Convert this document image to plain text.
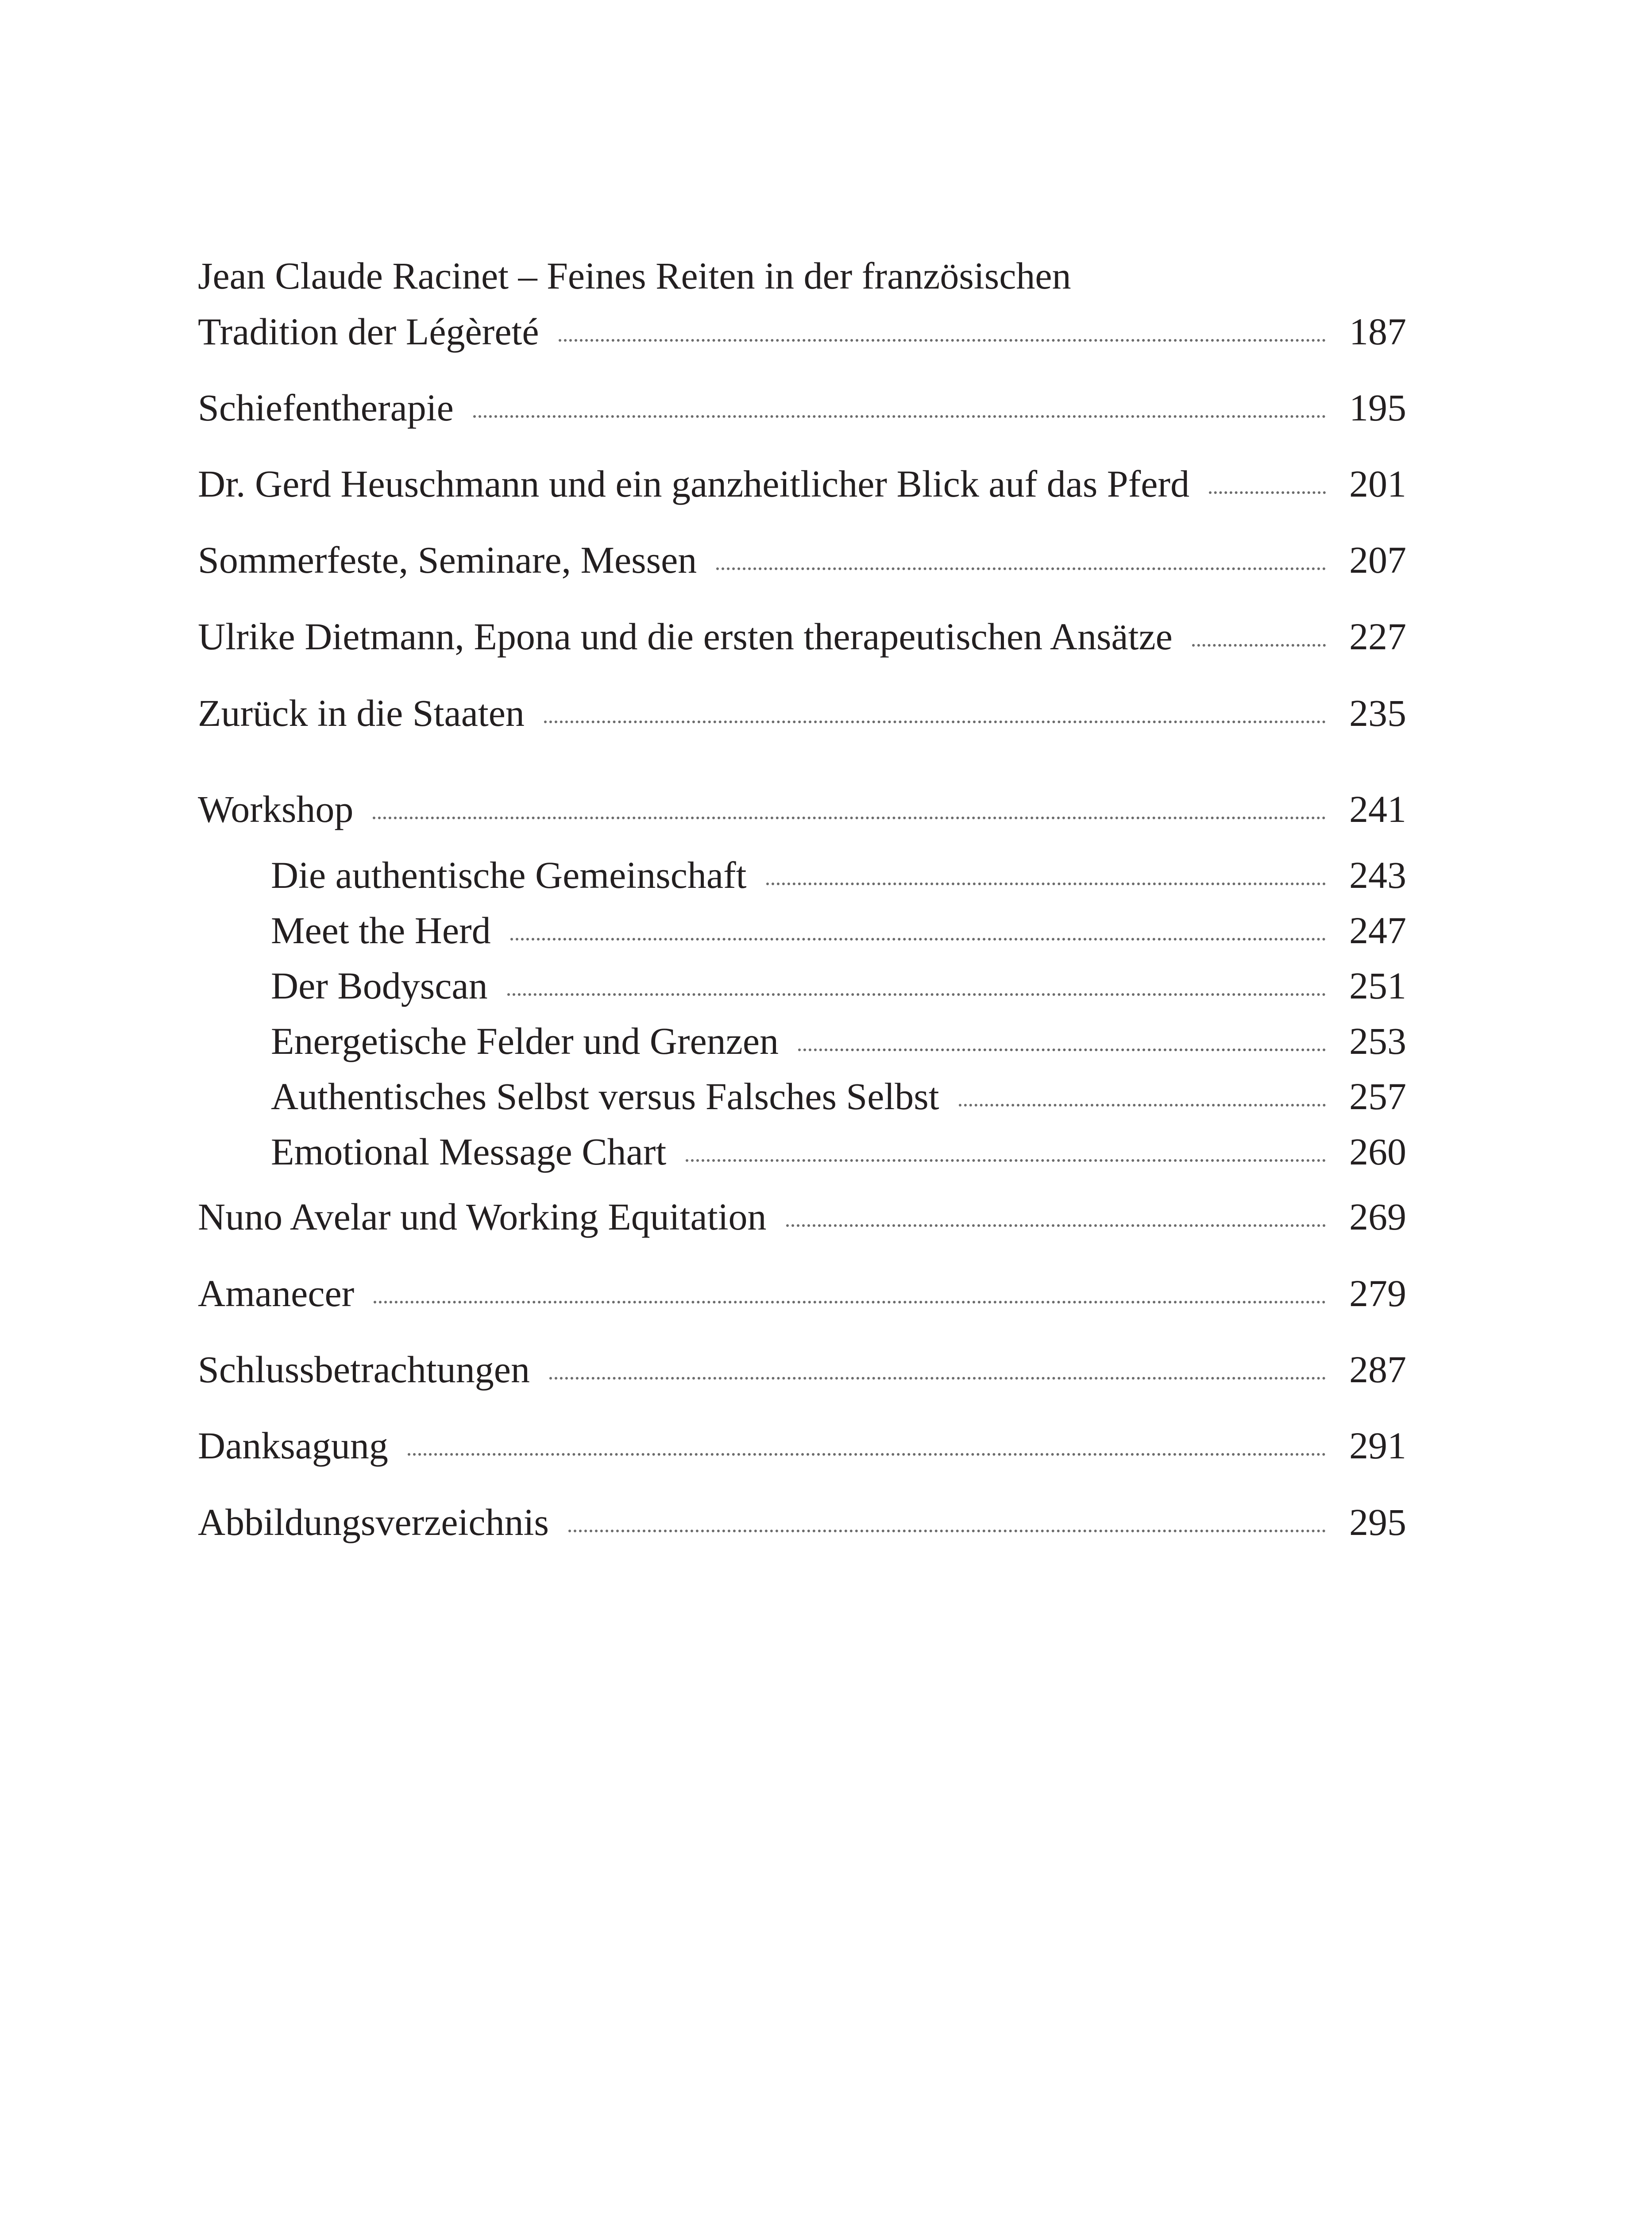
Jean Claude Racinet – Feines Reiten in der französischen
Tradition der Légèreté	187
Schiefentherapie	195
Dr. Gerd Heuschmann und ein ganzheitlicher Blick auf das Pferd	201
Sommerfeste, Seminare, Messen	207
Ulrike Dietmann, Epona und die ersten therapeutischen Ansätze	227
Zurück in die Staaten	235
Workshop	241
Die authentische Gemeinschaft	243
Meet the Herd	247
Der Bodyscan	251
Energetische Felder und Grenzen	253
Authentisches Selbst versus Falsches Selbst	257
Emotional Message Chart	260
Nuno Avelar und Working Equitation	269
Amanecer	279
Schlussbetrachtungen	287
Danksagung	291
Abbildungsverzeichnis	295
